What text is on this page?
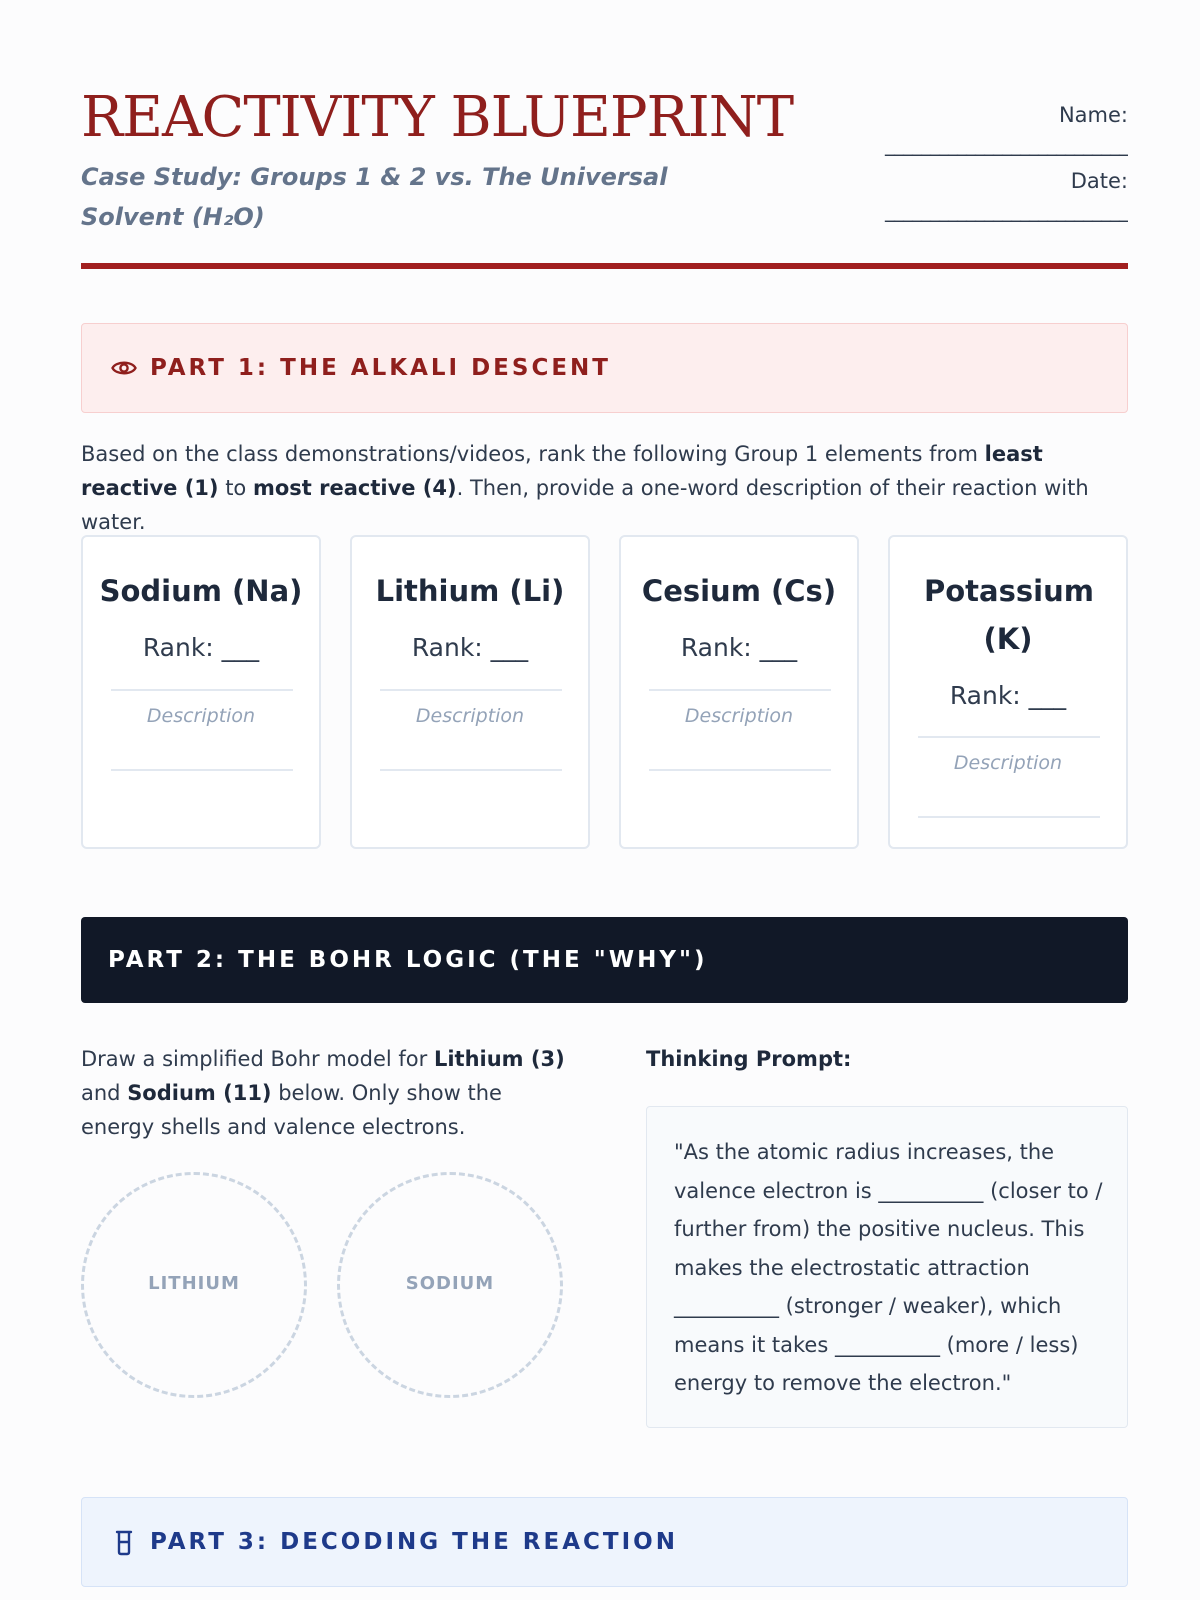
REACTIVITY BLUEPRINT
Case Study: Groups 1 & 2 vs. The Universal Solvent (H₂O)
Name:
___________________________
Date:
___________________________
PART 1: THE ALKALI DESCENT
Based on the class demonstrations/videos, rank the following Group 1 elements from least reactive (1) to most reactive (4). Then, provide a one-word description of their reaction with water.
Sodium (Na)
Rank: ___
Description
Lithium (Li)
Rank: ___
Description
Cesium (Cs)
Rank: ___
Description
Potassium (K)
Rank: ___
Description
PART 2: THE BOHR LOGIC (THE "WHY")
Draw a simplified Bohr model for Lithium (3) and Sodium (11) below. Only show the energy shells and valence electrons.
LITHIUM	SODIUM
Thinking Prompt:
"As the atomic radius increases, the valence electron is __________ (closer to / further from) the positive nucleus. This makes the electrostatic attraction __________ (stronger / weaker), which means it takes __________ (more / less) energy to remove the electron."
PART 3: DECODING THE REACTION
